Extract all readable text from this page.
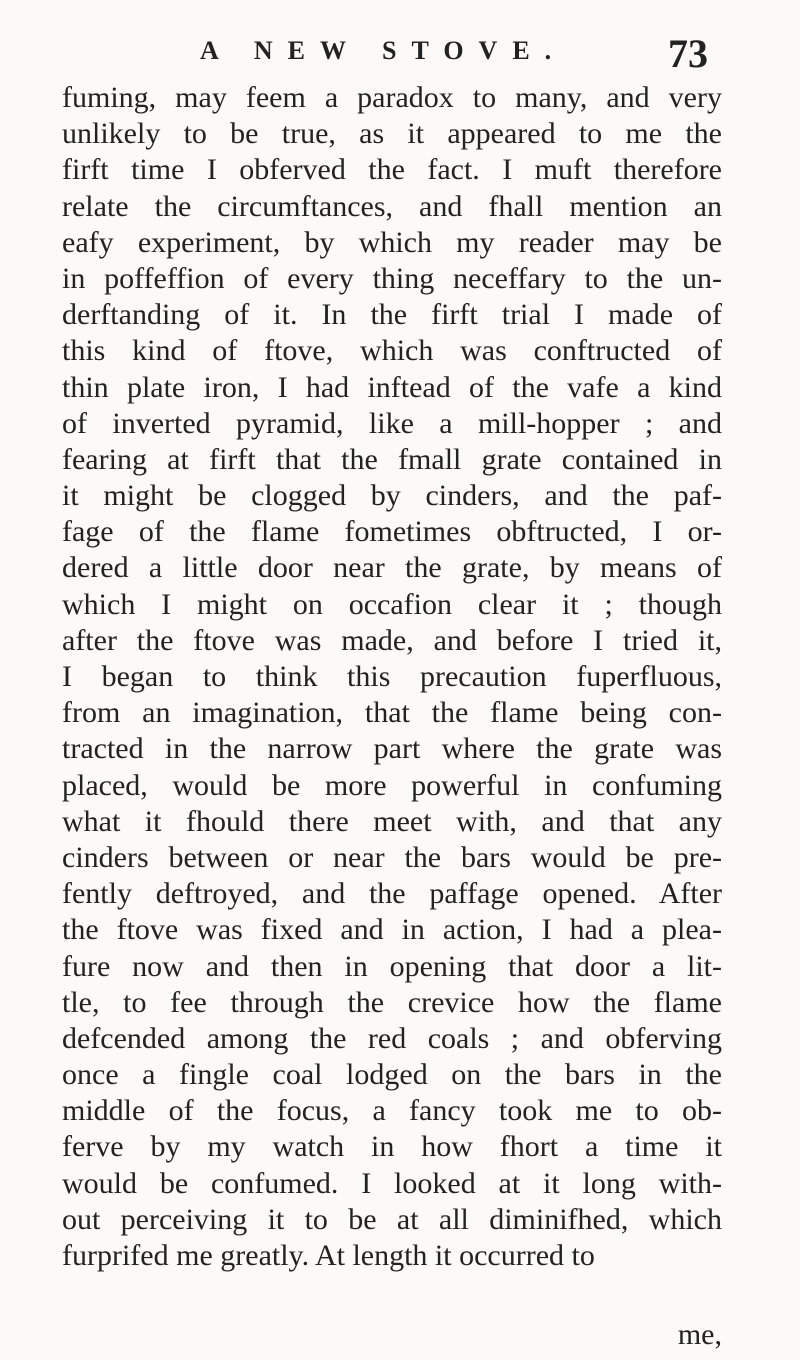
A NEW STOVE.	73
fuming, may feem a paradox to many, and very
unlikely to be true, as it appeared to me the
firft time I obferved the fact. I muft therefore
relate the circumftances, and fhall mention an
eafy experiment, by which my reader may be
in poffeffion of every thing neceffary to the un-
derftanding of it. In the firft trial I made of
this kind of ftove, which was conftructed of
thin plate iron, I had inftead of the vafe a kind
of inverted pyramid, like a mill-hopper ; and
fearing at firft that the fmall grate contained in
it might be clogged by cinders, and the paf-
fage of the flame fometimes obftructed, I or-
dered a little door near the grate, by means of
which I might on occafion clear it ; though
after the ftove was made, and before I tried it,
I began to think this precaution fuperfluous,
from an imagination, that the flame being con-
tracted in the narrow part where the grate was
placed, would be more powerful in confuming
what it fhould there meet with, and that any
cinders between or near the bars would be pre-
fently deftroyed, and the paffage opened. After
the ftove was fixed and in action, I had a plea-
fure now and then in opening that door a lit-
tle, to fee through the crevice how the flame
defcended among the red coals ; and obferving
once a fingle coal lodged on the bars in the
middle of the focus, a fancy took me to ob-
ferve by my watch in how fhort a time it
would be confumed. I looked at it long with-
out perceiving it to be at all diminifhed, which
furprifed me greatly. At length it occurred to
me,
